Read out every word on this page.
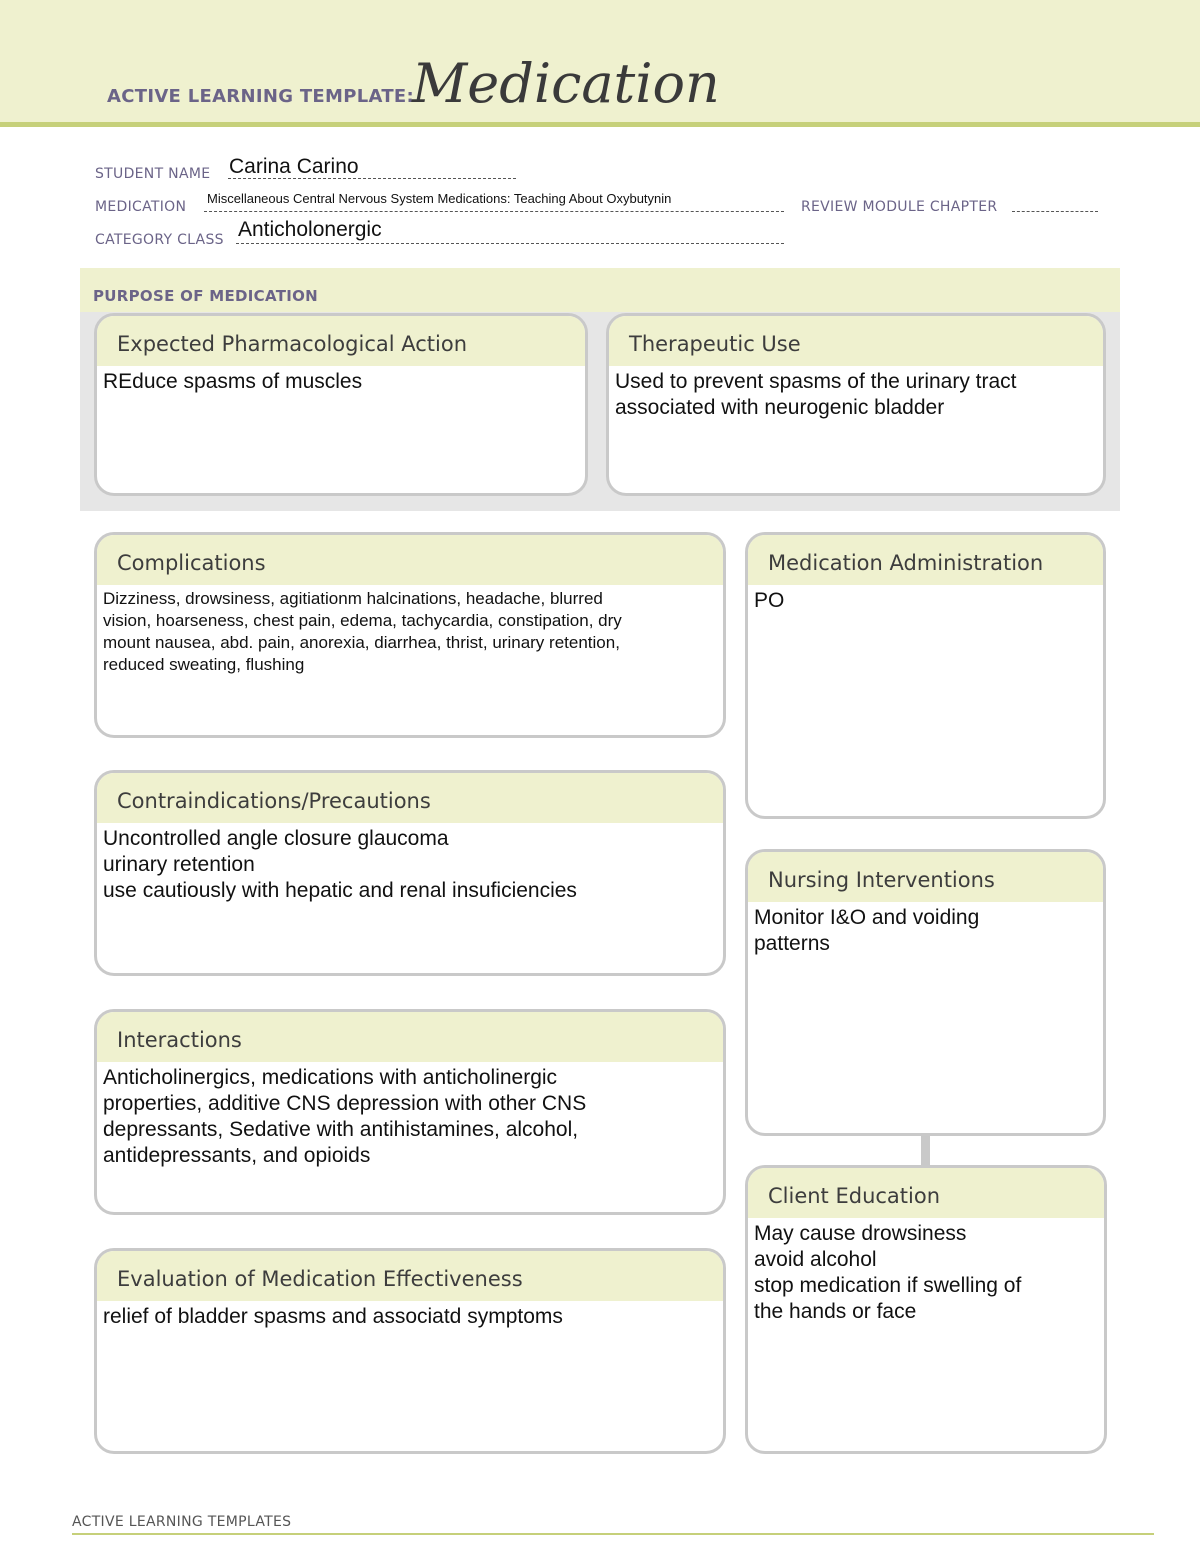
ACTIVE LEARNING TEMPLATE:
Medication
STUDENT NAME Carina Carino
MEDICATION
Miscellaneous Central Nervous System Medications: Teaching About Oxybutynin
REVIEW MODULE CHAPTER
CATEGORY CLASS Anticholonergic
PURPOSE OF MEDICATION
Expected Pharmacological Action
REduce spasms of muscles
Therapeutic Use
Used to prevent spasms of the urinary tract
associated with neurogenic bladder
Complications
Dizziness, drowsiness, agitiationm halcinations, headache, blurred
vision, hoarseness, chest pain, edema, tachycardia, constipation, dry
mount nausea, abd. pain, anorexia, diarrhea, thrist, urinary retention,
reduced sweating, flushing
Contraindications/Precautions
Uncontrolled angle closure glaucoma
urinary retention
use cautiously with hepatic and renal insuficiencies
Interactions
Anticholinergics, medications with anticholinergic
properties, additive CNS depression with other CNS
depressants, Sedative with antihistamines, alcohol,
antidepressants, and opioids
Evaluation of Medication Effectiveness
relief of bladder spasms and associatd symptoms
Medication Administration
PO
Nursing Interventions
Monitor I&O and voiding
patterns
Client Education
May cause drowsiness
avoid alcohol
stop medication if swelling of
the hands or face
ACTIVE LEARNING TEMPLATES
